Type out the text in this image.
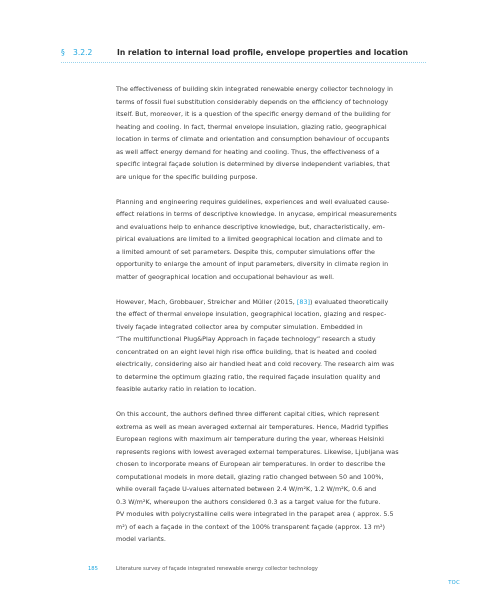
§ 3.2.2	In relation to internal load profile, envelope properties and location

The effectiveness of building skin integrated renewable energy collector technology in
terms of fossil fuel substitution considerably depends on the efficiency of technology
itself. But, moreover, it is a question of the specific energy demand of the building for
heating and cooling. In fact, thermal envelope insulation, glazing ratio, geographical
location in terms of climate and orientation and consumption behaviour of occupants
as well affect energy demand for heating and cooling. Thus, the effectiveness of a
specific integral façade solution is determined by diverse independent variables, that
are unique for the specific building purpose.

Planning and engineering requires guidelines, experiences and well evaluated cause-
effect relations in terms of descriptive knowledge. In anycase, empirical measurements
and evaluations help to enhance descriptive knowledge, but, characteristically, em-
pirical evaluations are limited to a limited geographical location and climate and to
a limited amount of set parameters. Despite this, computer simulations offer the
opportunity to enlarge the amount of input parameters, diversity in climate region in
matter of geographical location and occupational behaviour as well.

However, Mach, Grobbauer, Streicher and Müller (2015, [83]) evaluated theoretically
the effect of thermal envelope insulation, geographical location, glazing and respec-
tively façade integrated collector area by computer simulation. Embedded in
“The multifunctional Plug&Play Approach in façade technology” research a study
concentrated on an eight level high rise office building, that is heated and cooled
electrically, considering also air handled heat and cold recovery. The research aim was
to determine the optimum glazing ratio, the required façade insulation quality and
feasible autarky ratio in relation to location.

On this account, the authors defined three different capital cities, which represent
extrema as well as mean averaged external air temperatures. Hence, Madrid typifies
European regions with maximum air temperature during the year, whereas Helsinki
represents regions with lowest averaged external temperatures. Likewise, Ljubljana was
chosen to incorporate means of European air temperatures. In order to describe the
computational models in more detail, glazing ratio changed between 50 and 100%,
while overall façade U-values alternated between 2.4 W/m²K, 1.2 W/m²K, 0.6 and
0.3 W/m²K, whereupon the authors considered 0.3 as a target value for the future.
PV modules with polycrystalline cells were integrated in the parapet area ( approx. 5.5
m²) of each a façade in the context of the 100% transparent façade (approx. 13 m²)
model variants.

185	Literature survey of façade integrated renewable energy collector technology
TOC
